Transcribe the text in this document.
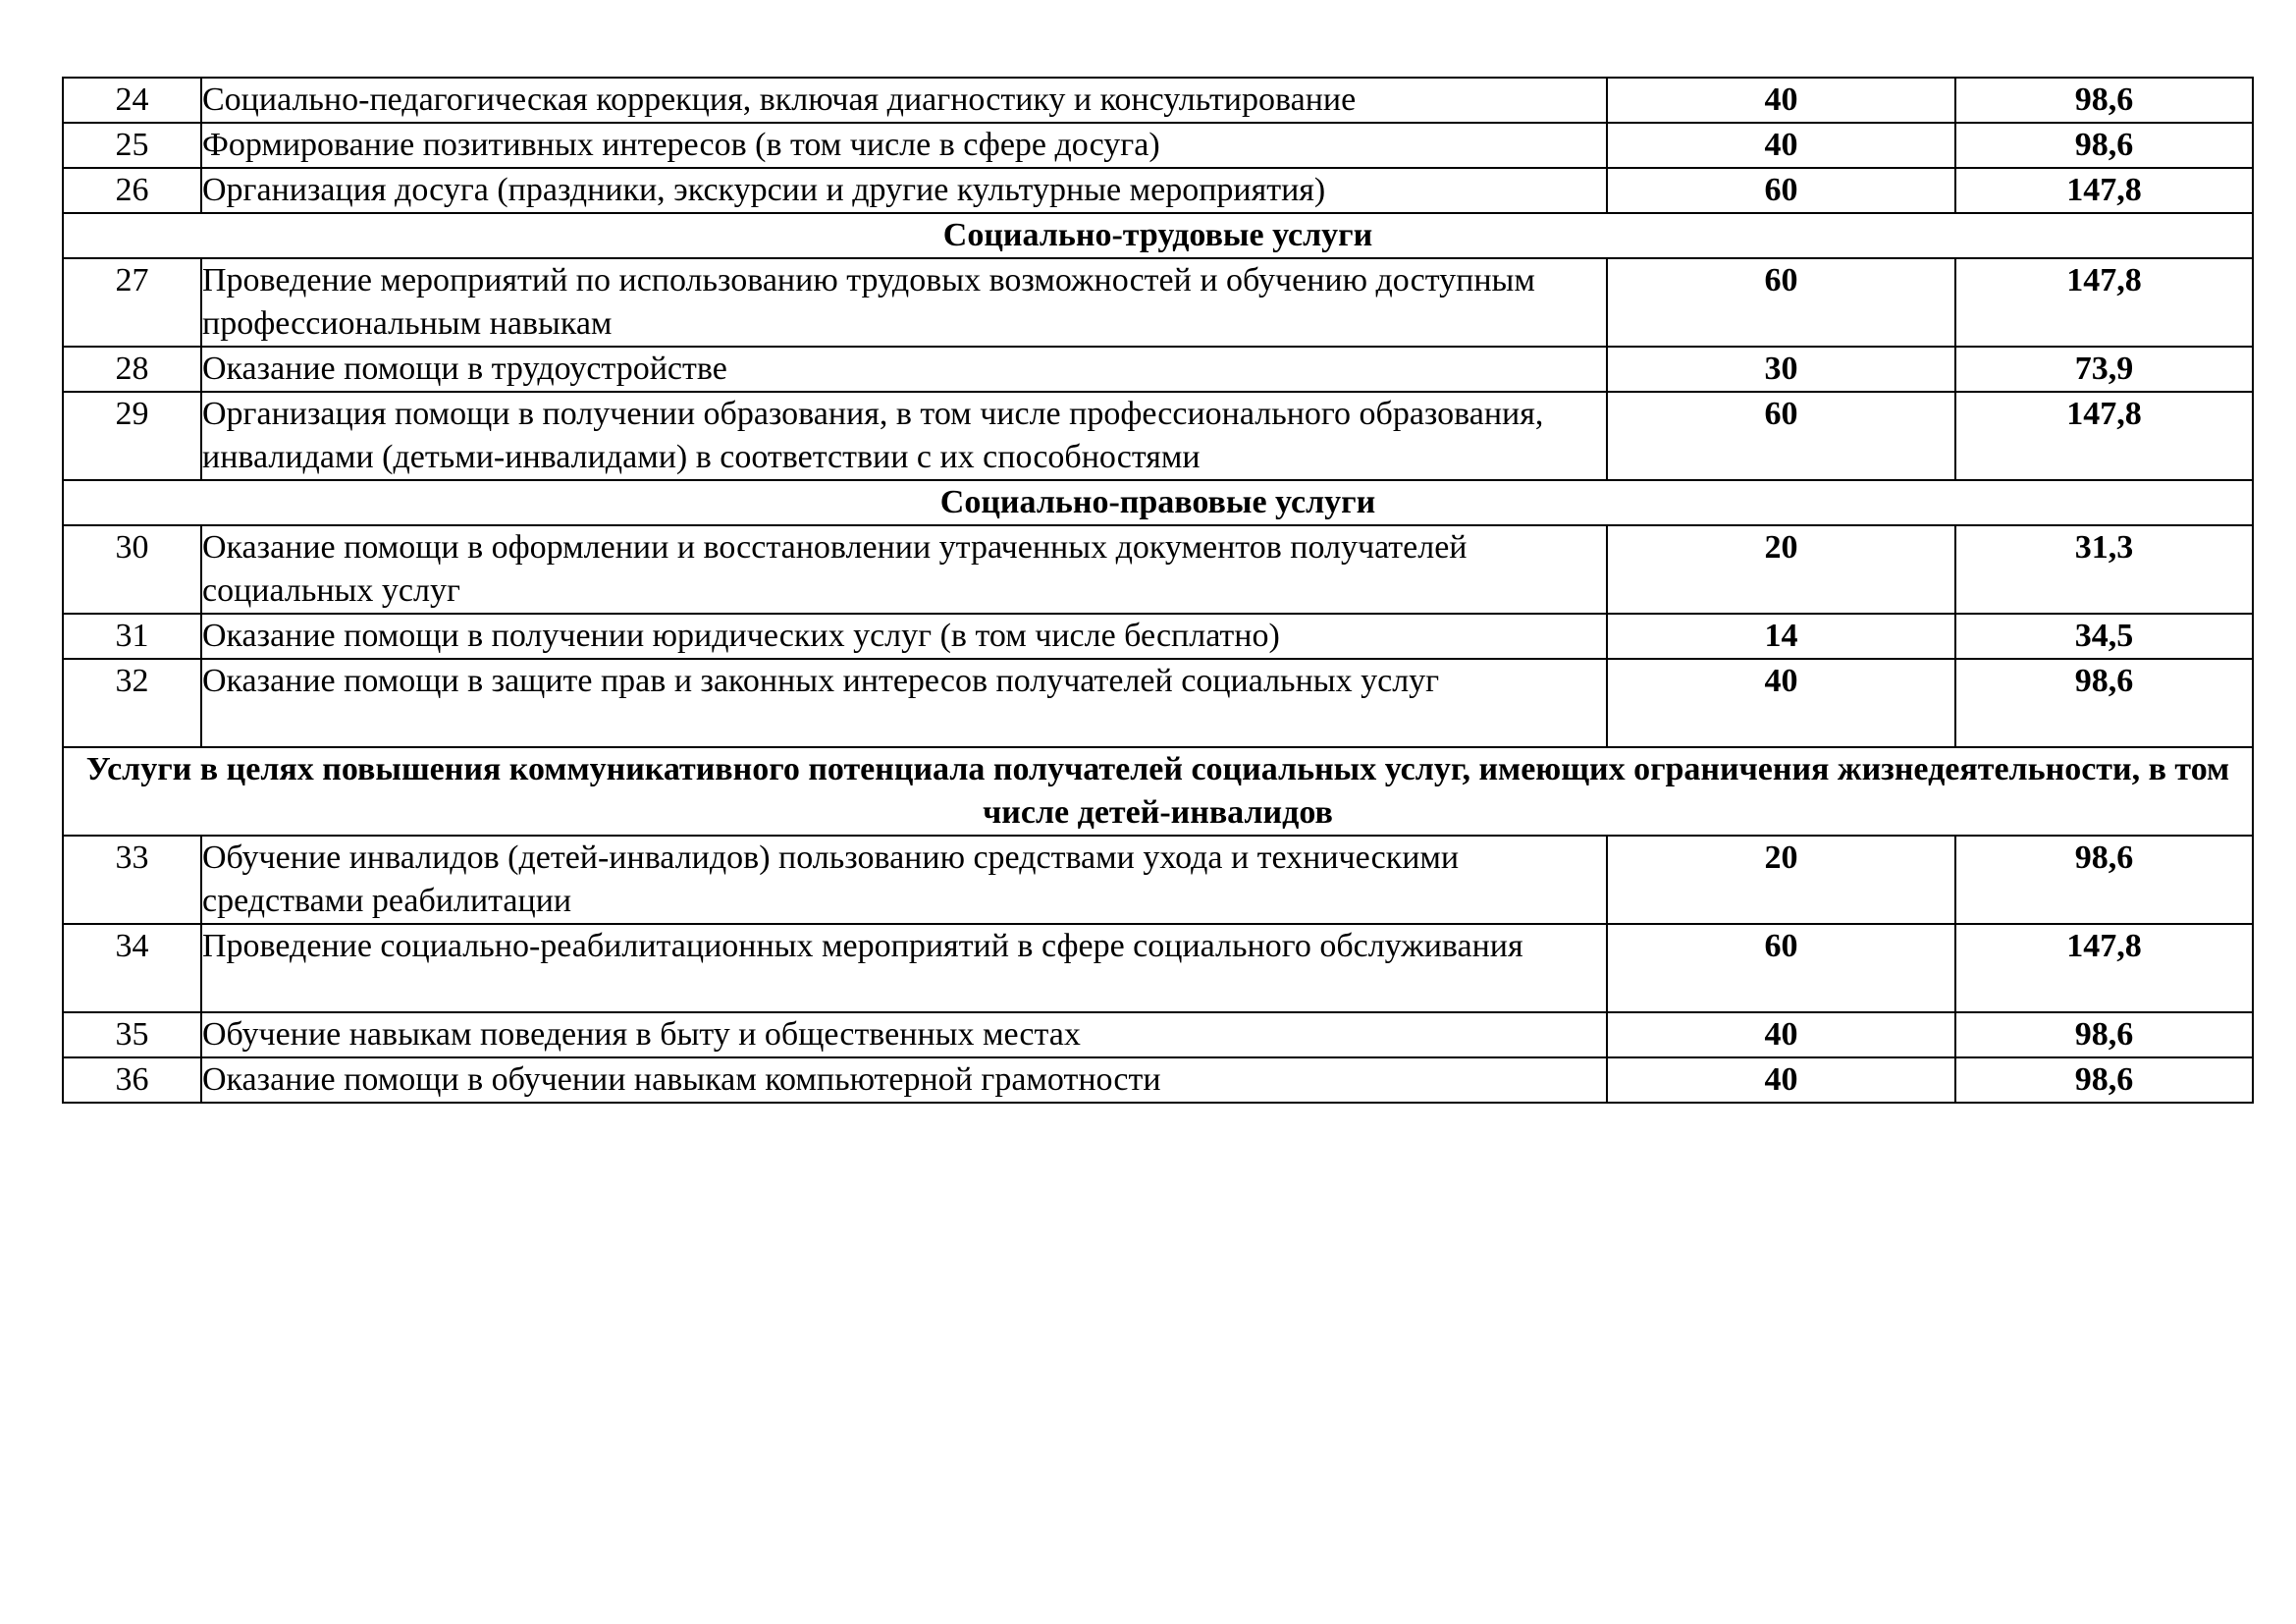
24	Социально-педагогическая коррекция, включая диагностику и консультирование	40	98,6
25	Формирование позитивных интересов (в том числе в сфере досуга)	40	98,6
26	Организация досуга (праздники, экскурсии и другие культурные мероприятия)	60	147,8
Социально-трудовые услуги			
27	Проведение мероприятий по использованию трудовых возможностей и обучению доступным профессиональным навыкам	60	147,8
28	Оказание помощи в трудоустройстве	30	73,9
29	Организация помощи в получении образования, в том числе профессионального образования, инвалидами (детьми-инвалидами) в соответствии с их способностями	60	147,8
Социально-правовые услуги			
30	Оказание помощи в оформлении и восстановлении утраченных документов получателей социальных услуг	20	31,3
31	Оказание помощи в получении юридических услуг (в том числе бесплатно)	14	34,5
32	Оказание помощи в защите прав и законных интересов получателей социальных услуг	40	98,6
Услуги в целях повышения коммуникативного потенциала получателей социальных услуг, имеющих ограничения жизнедеятельности, в том числе детей-инвалидов			
33	Обучение инвалидов (детей-инвалидов) пользованию средствами ухода и техническими средствами реабилитации	20	98,6
34	Проведение социально-реабилитационных мероприятий в сфере социального обслуживания	60	147,8
35	Обучение навыкам поведения в быту и общественных местах	40	98,6
36	Оказание помощи в обучении навыкам компьютерной грамотности	40	98,6
